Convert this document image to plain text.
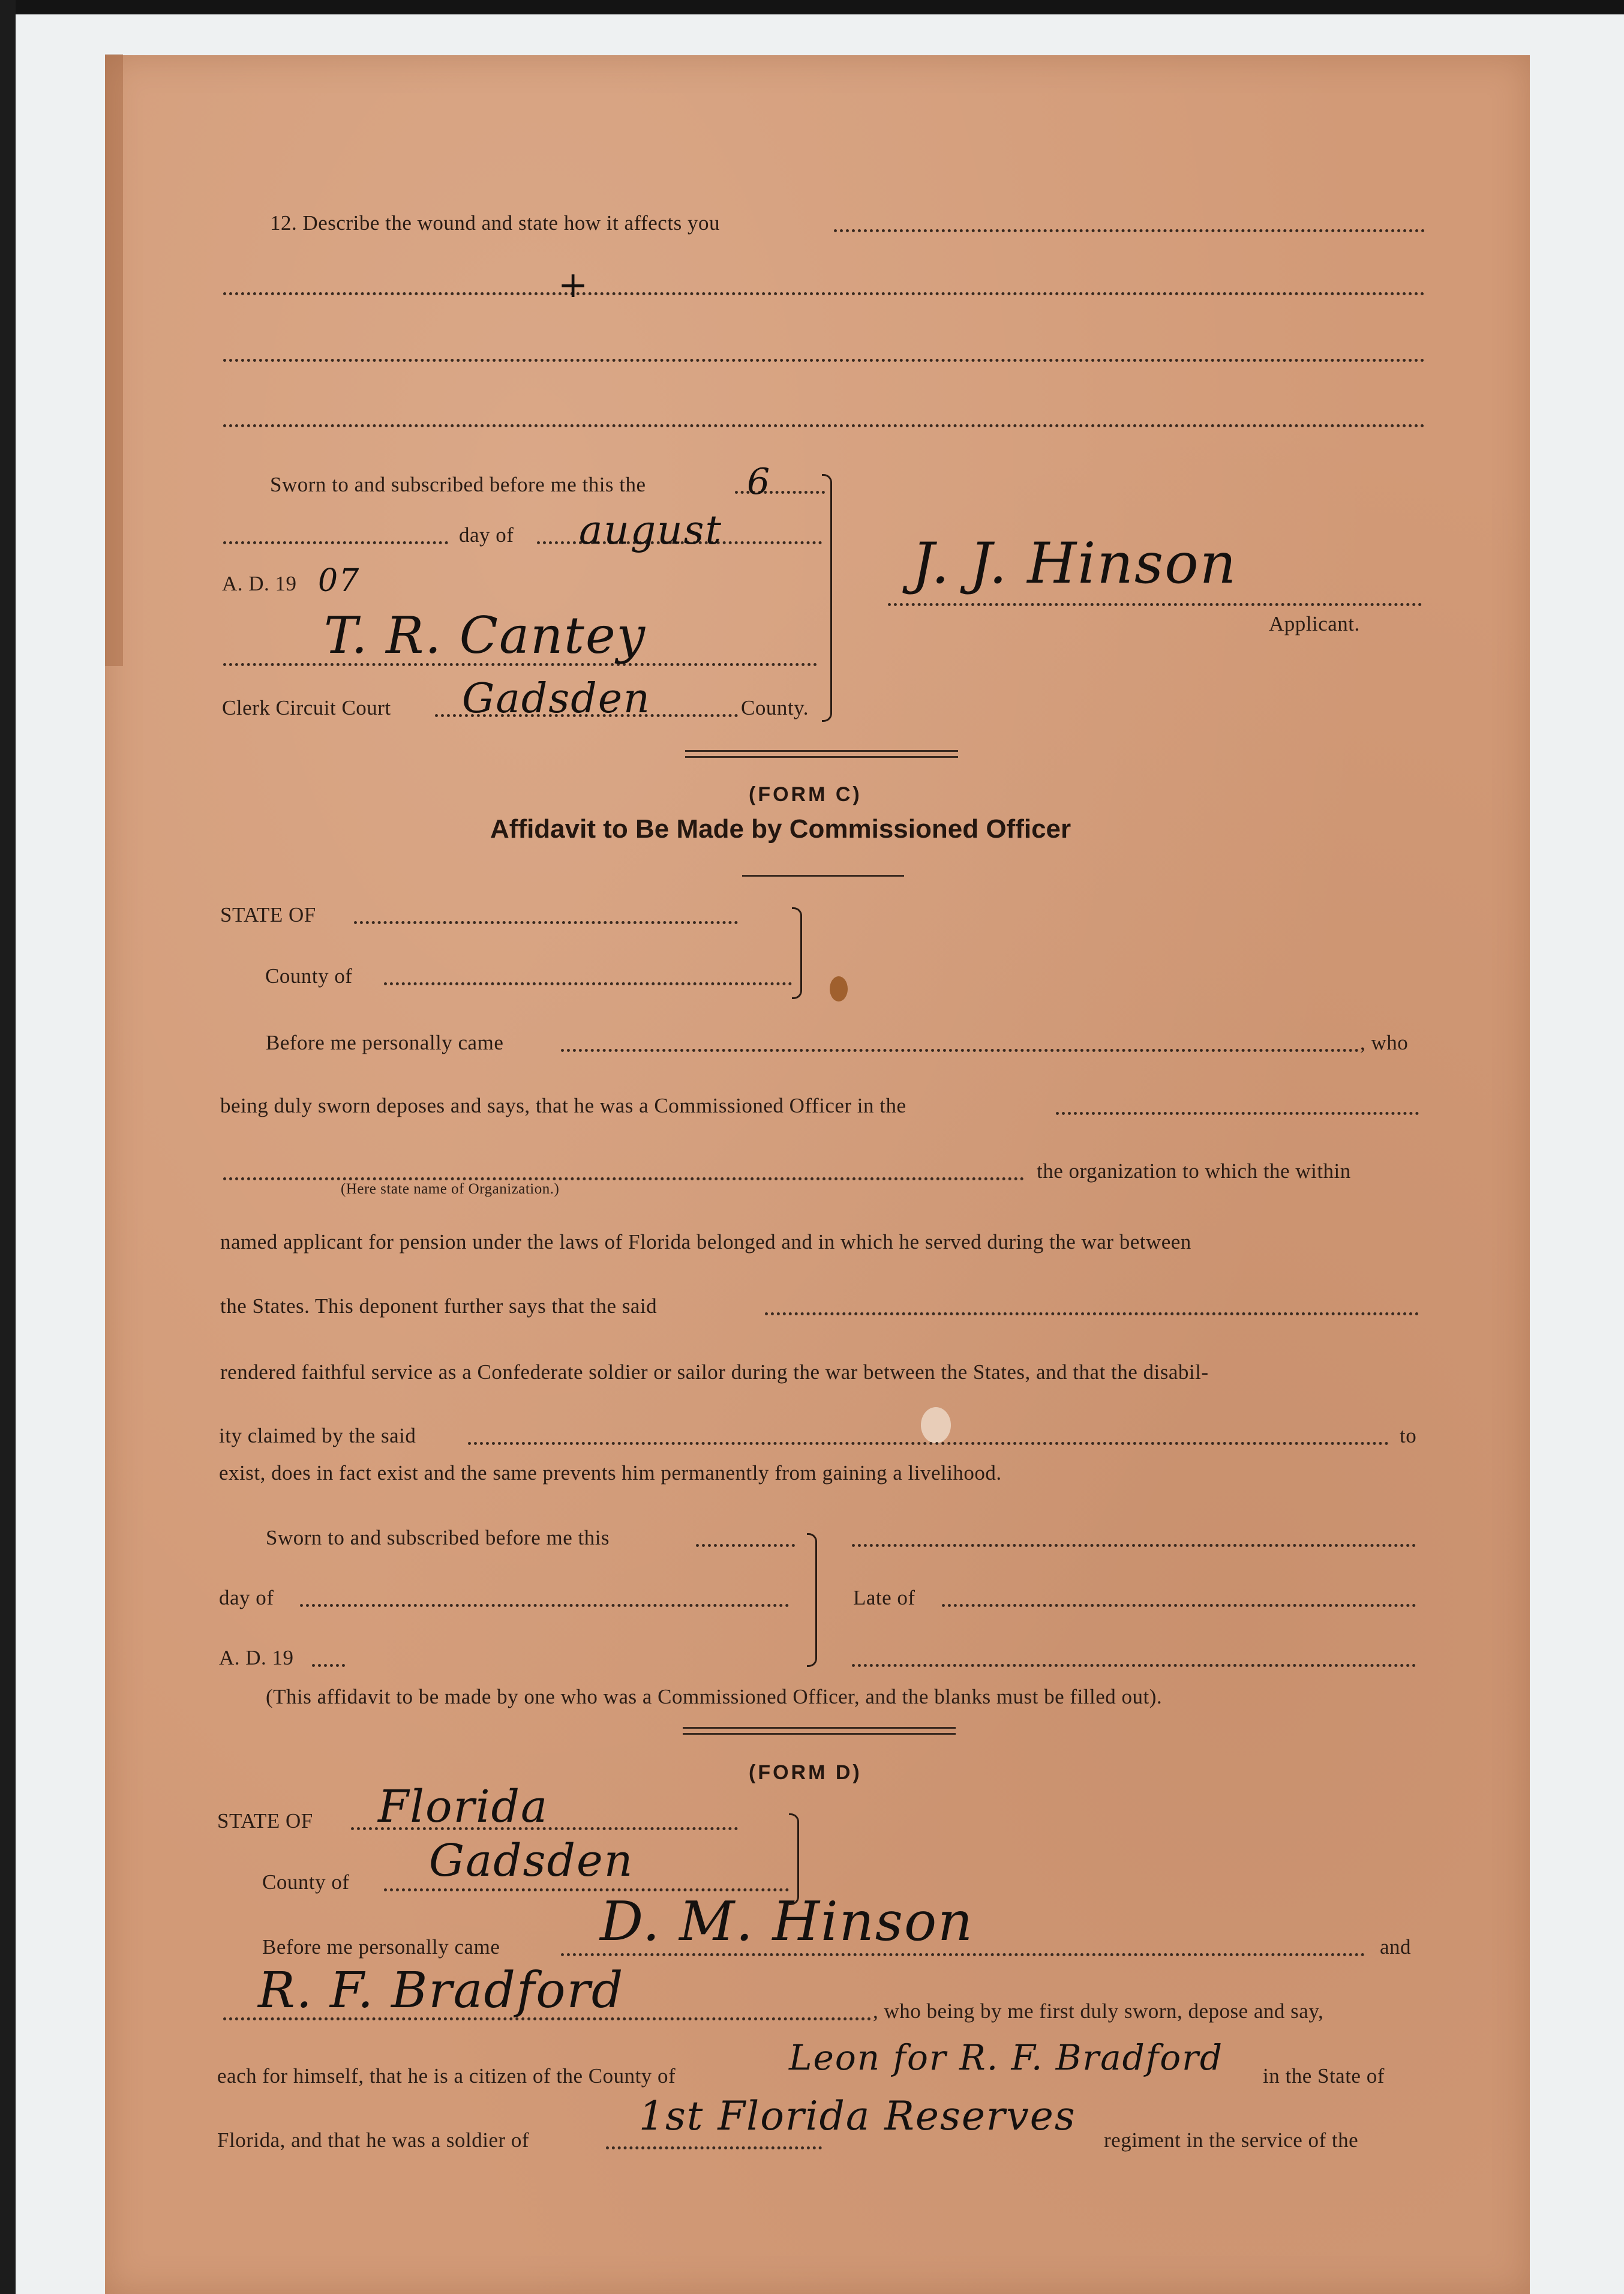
12. Describe the wound and state how it affects you
+
Sworn to and subscribed before me this the	6
day of august
A. D. 19 07
T. R. Cantey
Clerk Circuit Court Gadsden	County.
J. J. Hinson
Applicant.
(FORM C)
Affidavit to Be Made by Commissioned Officer
STATE OF
County of
Before me personally came	, who
being duly sworn deposes and says, that he was a Commissioned Officer in the
(Here state name of Organization.)
the organization to which the within
named applicant for pension under the laws of Florida belonged and in which he served during the war between
the States. This deponent further says that the said
rendered faithful service as a Confederate soldier or sailor during the war between the States, and that the disabil-
ity claimed by the said	to
exist, does in fact exist and the same prevents him permanently from gaining a livelihood.
Sworn to and subscribed before me this
day of
A. D. 19
Late of
(This affidavit to be made by one who was a Commissioned Officer, and the blanks must be filled out).
(FORM D)
STATE OF Florida
County of Gadsden
Before me personally came D. M. Hinson	and
R. F. Bradford	, who being by me first duly sworn, depose and say,
each for himself, that he is a citizen of the County of	Leon for R. F. Bradford in the State of
Florida, and that he was a soldier of
1st Florida Reserves
regiment in the service of the
